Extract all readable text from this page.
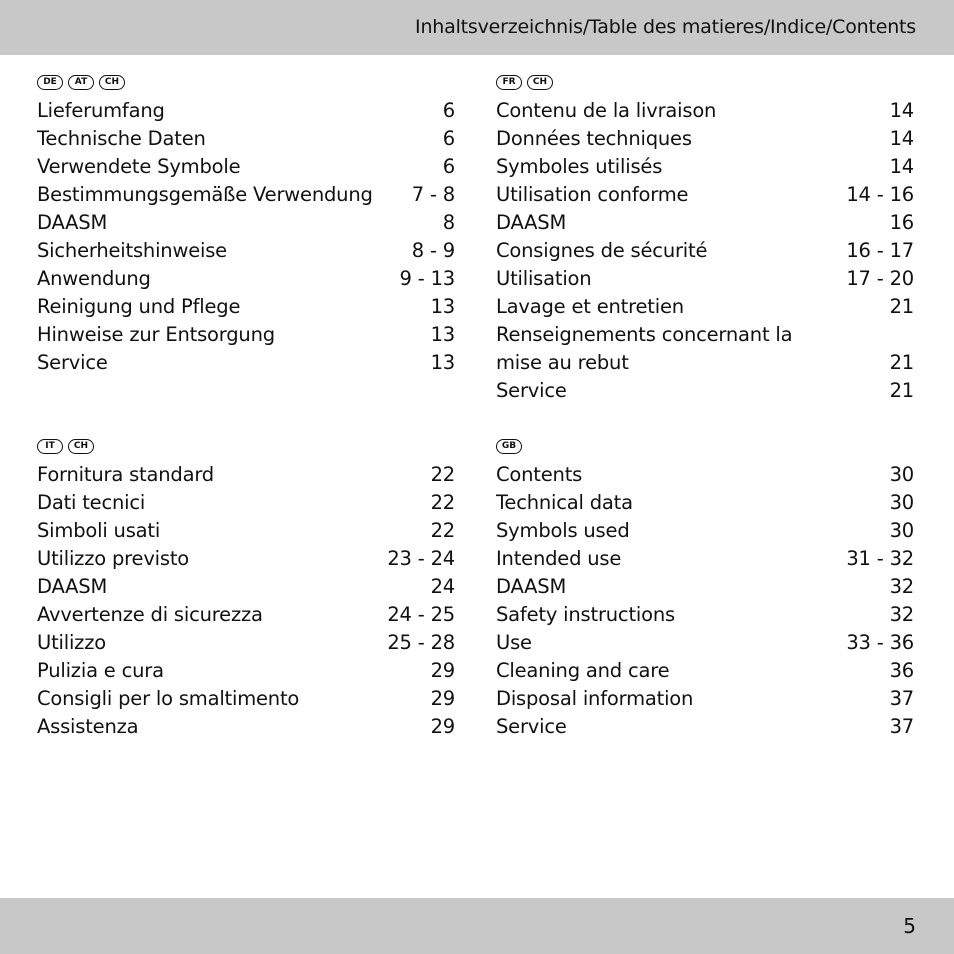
Inhaltsverzeichnis/Table des matieres/Indice/Contents
DE	AT	CH
Lieferumfang	6
Technische Daten	6
Verwendete Symbole	6
Bestimmungsgemäße Verwendung	7 - 8
DAASM	8
Sicherheitshinweise	8 - 9
Anwendung	9 - 13
Reinigung und Pflege	13
Hinweise zur Entsorgung	13
Service	13
FR	CH
Contenu de la livraison	14
Données techniques	14
Symboles utilisés	14
Utilisation conforme	14 - 16
DAASM	16
Consignes de sécurité	16 - 17
Utilisation	17 - 20
Lavage et entretien	21
Renseignements concernant la
mise au rebut	21
Service	21
IT	CH
Fornitura standard	22
Dati tecnici	22
Simboli usati	22
Utilizzo previsto	23 - 24
DAASM	24
Avvertenze di sicurezza	24 - 25
Utilizzo	25 - 28
Pulizia e cura	29
Consigli per lo smaltimento	29
Assistenza	29
GB
Contents	30
Technical data	30
Symbols used	30
Intended use	31 - 32
DAASM	32
Safety instructions	32
Use	33 - 36
Cleaning and care	36
Disposal information	37
Service	37
5
